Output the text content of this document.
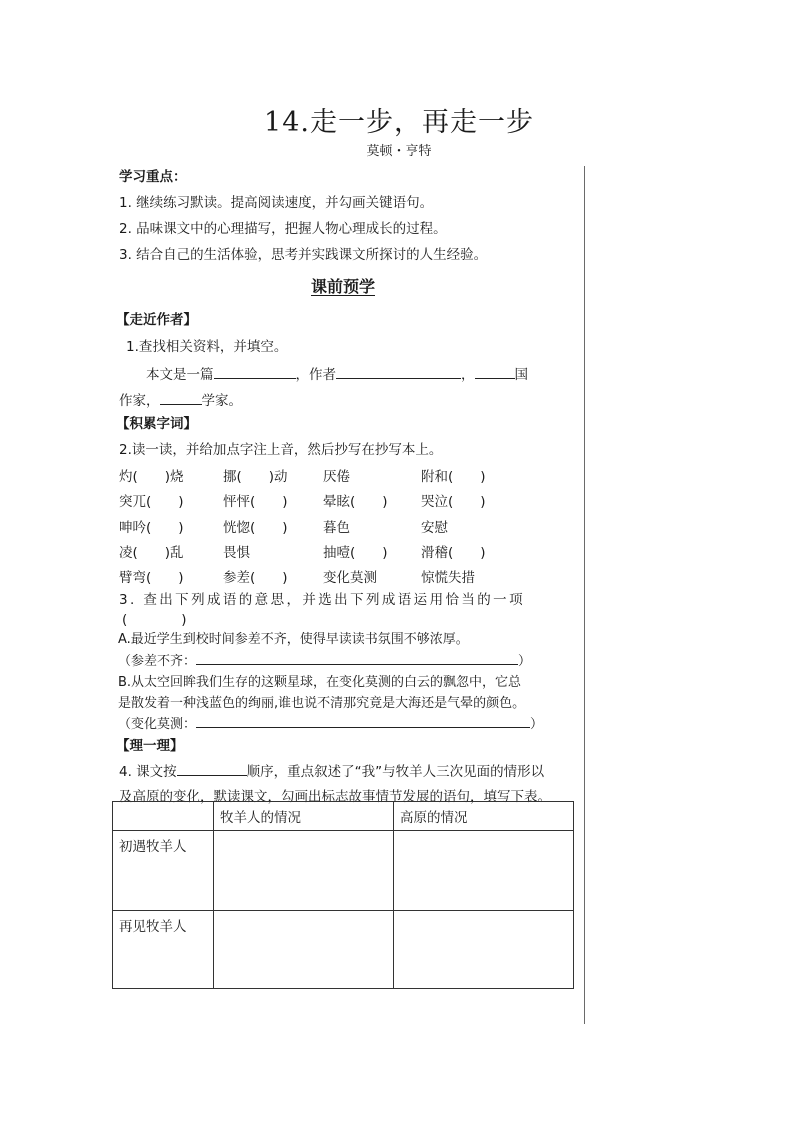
14.走一步，再走一步
莫顿・亨特
学习重点：
1. 继续练习默读。提高阅读速度，并勾画关键语句。
2. 品味课文中的心理描写，把握人物心理成长的过程。
3. 结合自己的生活体验，思考并实践课文所探讨的人生经验。
课前预学
【走近作者】
1.查找相关资料，并填空。
本文是一篇	，作者	，	国
作家，	学家。
【积累字词】
2.读一读，并给加点字注上音，然后抄写在抄写本上。
灼(　　)烧	挪(　　)动	厌倦	附和(　　)
突兀(　　)	怦怦(　　)	晕眩(　　) 哭泣(　　)
呻吟(　　)	恍惚(　　)	暮色	安慰
凌(　　)乱	畏惧	抽噎(　　) 滑稽(　　)
臂弯(　　)	参差(　　)	变化莫测	惊慌失措
3. 查出下列成语的意思，并选出下列成语运用恰当的一项
(　　　　)
A.最近学生到校时间参差不齐，使得早读读书氛围不够浓厚。
（参差不齐：	）
B.从太空回眸我们生存的这颗星球，在变化莫测的白云的飘忽中，它总
是散发着一种浅蓝色的绚丽,谁也说不清那究竟是大海还是气晕的颜色。
（变化莫测：	）
【理一理】
4. 课文按	顺序，重点叙述了“我”与牧羊人三次见面的情形以
及高原的变化，默读课文，勾画出标志故事情节发展的语句，填写下表。
	牧羊人的情况	高原的情况
初遇牧羊人		
再见牧羊人		
